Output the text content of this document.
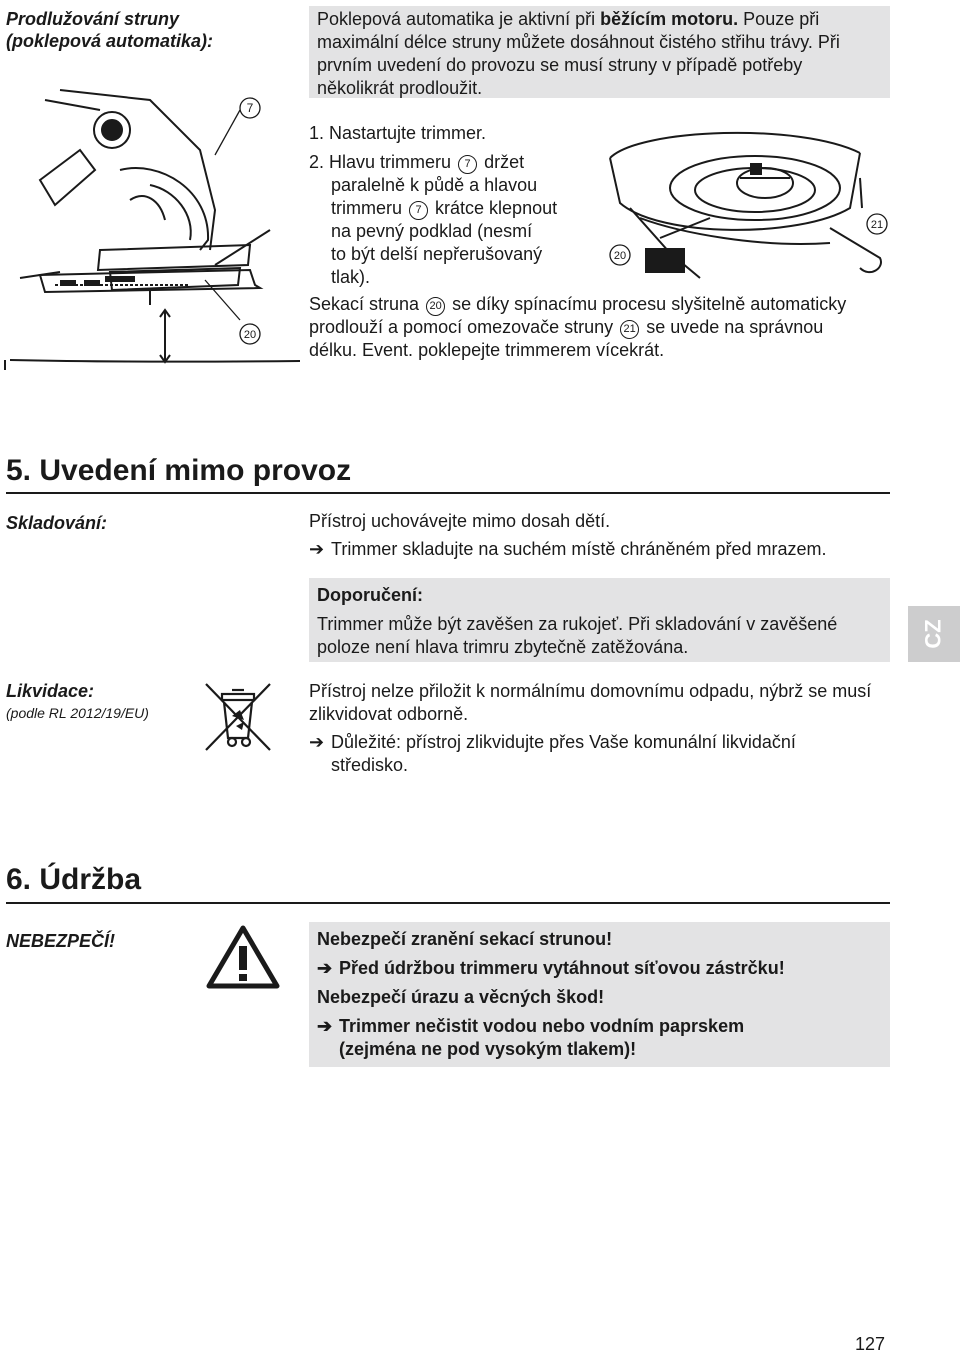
Prodlužování struny (poklepová automatika):
Poklepová automatika je aktivní při běžícím motoru. Pouze při maximální délce struny můžete dosáhnout čistého střihu trávy. Při prvním uvedení do provozu se musí struny v případě potřeby několikrát prodloužit.
7
20
1. Nastartujte trimmer.
2. Hlavu trimmeru 7 držet
paralelně k půdě a hlavou
trimmeru 7 krátce klepnout
na pevný podklad (nesmí
to být delší nepřerušovaný
tlak).
21
20
Sekací struna 20 se díky spínacímu procesu slyšitelně automaticky
prodlouží a pomocí omezovače struny 21 se uvede na správnou
délku. Event. poklepejte trimmerem vícekrát.
5. Uvedení mimo provoz
Skladování:	Přístroj uchovávejte mimo dosah dětí.
➔ Trimmer skladujte na suchém místě chráněném před mrazem.
Doporučení:
Trimmer může být zavěšen za rukojeť. Při skladování v zavěšené poloze není hlava trimru zbytečně zatěžována.	CZ
Likvidace:
(podle RL 2012/19/EU)
Přístroj nelze přiložit k normálnímu domovnímu odpadu, nýbrž se musí zlikvidovat odborně.
➔ Důležité: přístroj zlikvidujte přes Vaše komunální likvidační středisko.
6. Údržba
NEBEZPEČÍ!	Nebezpečí zranění sekací strunou!
➔ Před údržbou trimmeru vytáhnout síťovou zástrčku!
Nebezpečí úrazu a věcných škod!
➔ Trimmer nečistit vodou nebo vodním paprskem (zejména ne pod vysokým tlakem)!
127
